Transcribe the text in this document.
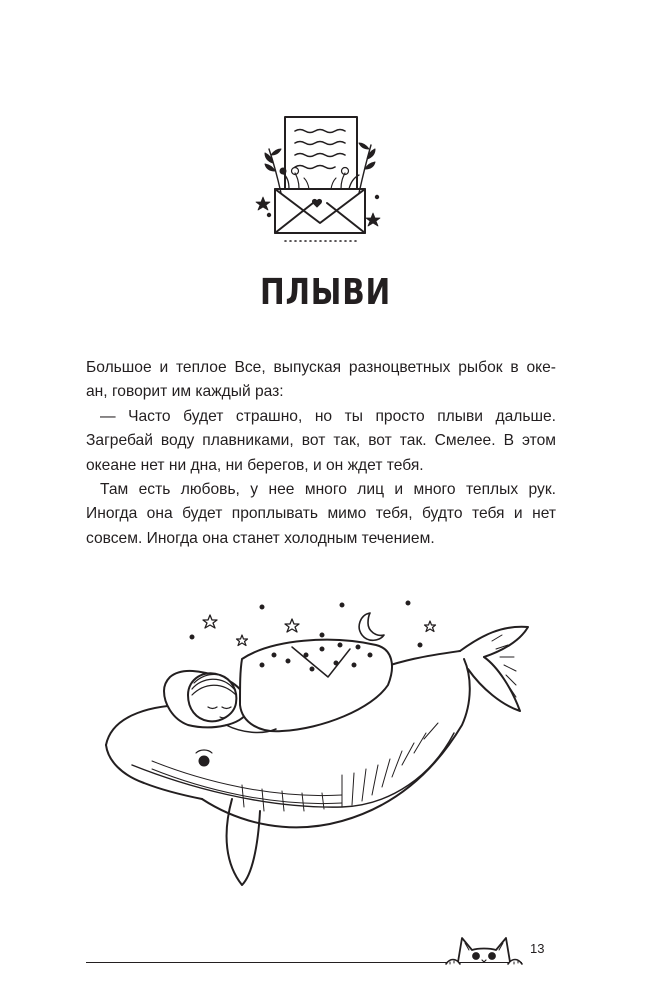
ПЛЫВИ
Большое и теплое Все, выпуская разноцветных рыбок в оке-
ан, говорит им каждый раз:
— Часто будет страшно, но ты просто плыви дальше.
Загребай воду плавниками, вот так, вот так. Смелее. В этом
океане нет ни дна, ни берегов, и он ждет тебя.
Там есть любовь, у нее много лиц и много теплых рук.
Иногда она будет проплывать мимо тебя, будто тебя и нет
совсем. Иногда она станет холодным течением.
13
